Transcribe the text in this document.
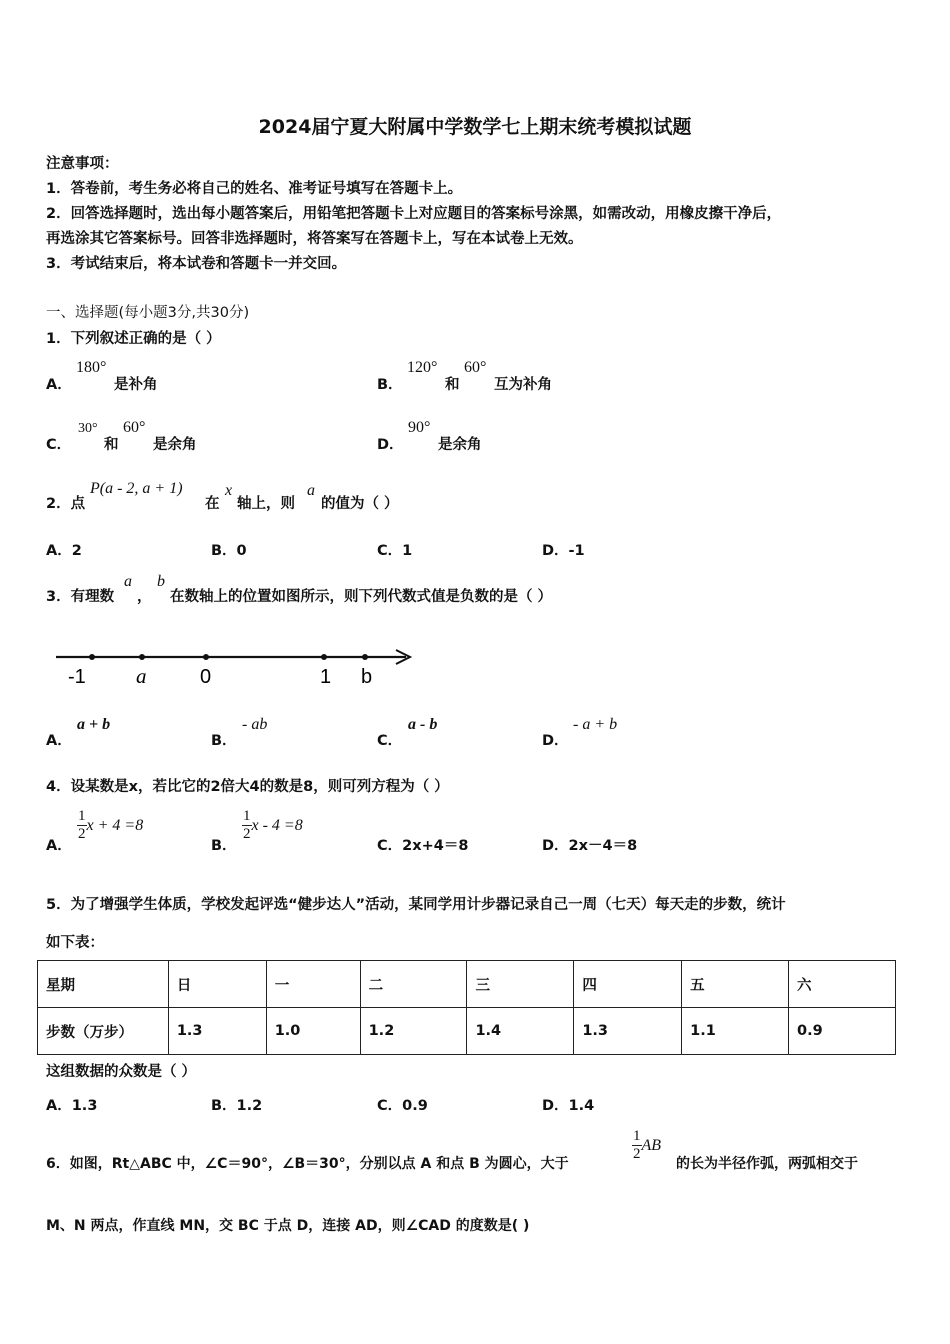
2024届宁夏大附属中学数学七上期末统考模拟试题
注意事项：
1．答卷前，考生务必将自己的姓名、准考证号填写在答题卡上。
2．回答选择题时，选出每小题答案后，用铅笔把答题卡上对应题目的答案标号涂黑，如需改动，用橡皮擦干净后，
再选涂其它答案标号。回答非选择题时，将答案写在答题卡上，写在本试卷上无效。
3．考试结束后，将本试卷和答题卡一并交回。
一、选择题(每小题3分,共30分)
1．下列叙述正确的是（ ）
A．
180°
是补角	B．
120°
和
60°
互为补角
C．
30°
和
60°
是余角	D．
90°
是余角
2．点
P(a - 2, a + 1)
在
x
轴上，则
a
的值为（ ）
A．2	B．0	C．1	D．-1
3．有理数
a
，
b
在数轴上的位置如图所示，则下列代数式值是负数的是（ ）
-1 a	0	1 b
A．
a + b
B．
- ab
C．
a - b
D．
- a + b
4．设某数是x，若比它的2倍大4的数是8，则可列方程为（ ）
A．
$\frac{1}{2}$ x + 4 =8
B．
$\frac{1}{2}$ x - 4 =8
C．2x+4＝8	D．2x－4＝8
5．为了增强学生体质，学校发起评选“健步达人”活动，某同学用计步器记录自己一周（七天）每天走的步数，统计
如下表：
星期	日	一	二	三	四	五	六
步数（万步）	1.3	1.0	1.2	1.4	1.3	1.1	0.9
这组数据的众数是（ ）
A．1.3	B．1.2	C．0.9	D．1.4
6．如图，Rt△ABC 中，∠C＝90°，∠B＝30°，分别以点 A 和点 B 为圆心，大于
$\frac{1}{2}$ AB
的长为半径作弧，两弧相交于
M、N 两点，作直线 MN，交 BC 于点 D，连接 AD，则∠CAD 的度数是( )
